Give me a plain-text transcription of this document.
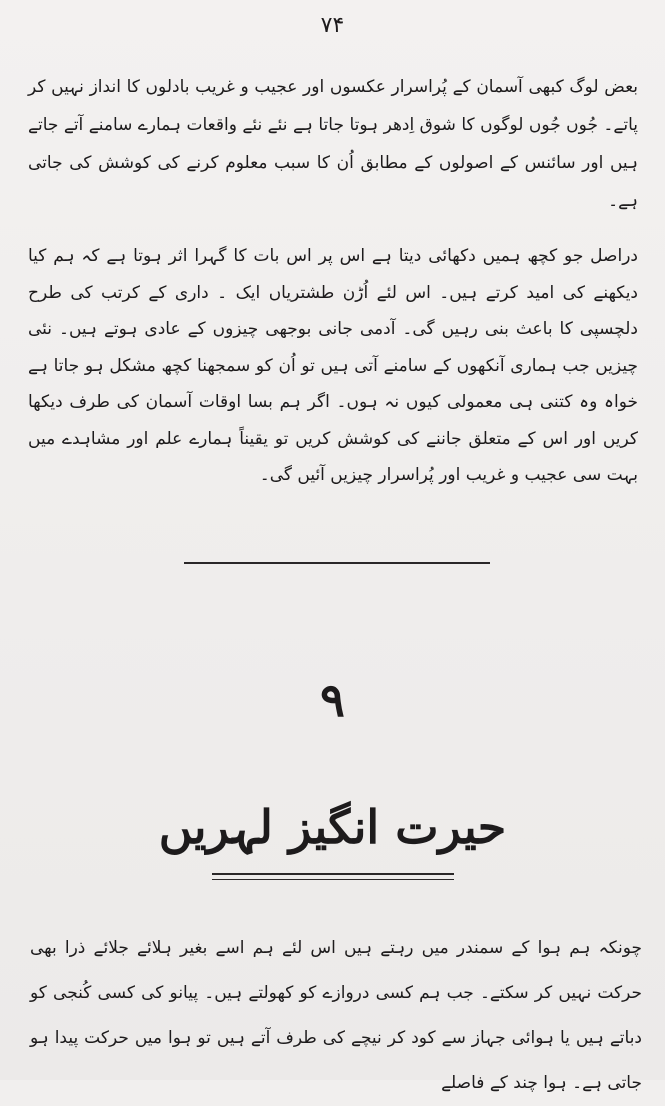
۷۴

بعض لوگ کبھی آسمان کے پُراسرار عکسوں اور عجیب و غریب بادلوں کا انداز نہیں کر پاتے۔ جُوں جُوں لوگوں کا شوق اِدھر ہوتا جاتا ہے نئے نئے واقعات ہمارے سامنے آتے جاتے ہیں اور سائنس کے اصولوں کے مطابق اُن کا سبب معلوم کرنے کی کوشش کی جاتی ہے۔

دراصل جو کچھ ہمیں دکھائی دیتا ہے اس پر اس بات کا گہرا اثر ہوتا ہے کہ ہم کیا دیکھنے کی امید کرتے ہیں۔ اس لئے اُڑن طشتریاں ایک ۔ داری کے کرتب کی طرح دلچسپی کا باعث بنی رہیں گی۔ آدمی جانی بوجھی چیزوں کے عادی ہوتے ہیں۔ نئی چیزیں جب ہماری آنکھوں کے سامنے آتی ہیں تو اُن کو سمجھنا کچھ مشکل ہو جاتا ہے خواہ وہ کتنی ہی معمولی کیوں نہ ہوں۔ اگر ہم بسا اوقات آسمان کی طرف دیکھا کریں اور اس کے متعلق جاننے کی کوشش کریں تو یقیناً ہمارے علم اور مشاہدے میں بہت سی عجیب و غریب اور پُراسرار چیزیں آئیں گی۔

۹
حیرت انگیز لہریں

چونکہ ہم ہوا کے سمندر میں رہتے ہیں اس لئے ہم اسے بغیر ہلائے جلائے ذرا بھی حرکت نہیں کر سکتے۔ جب ہم کسی دروازے کو کھولتے ہیں۔ پیانو کی کسی کُنجی کو دباتے ہیں یا ہوائی جہاز سے کود کر نیچے کی طرف آتے ہیں تو ہوا میں حرکت پیدا ہو جاتی ہے۔ ہوا چند کے فاصلے
